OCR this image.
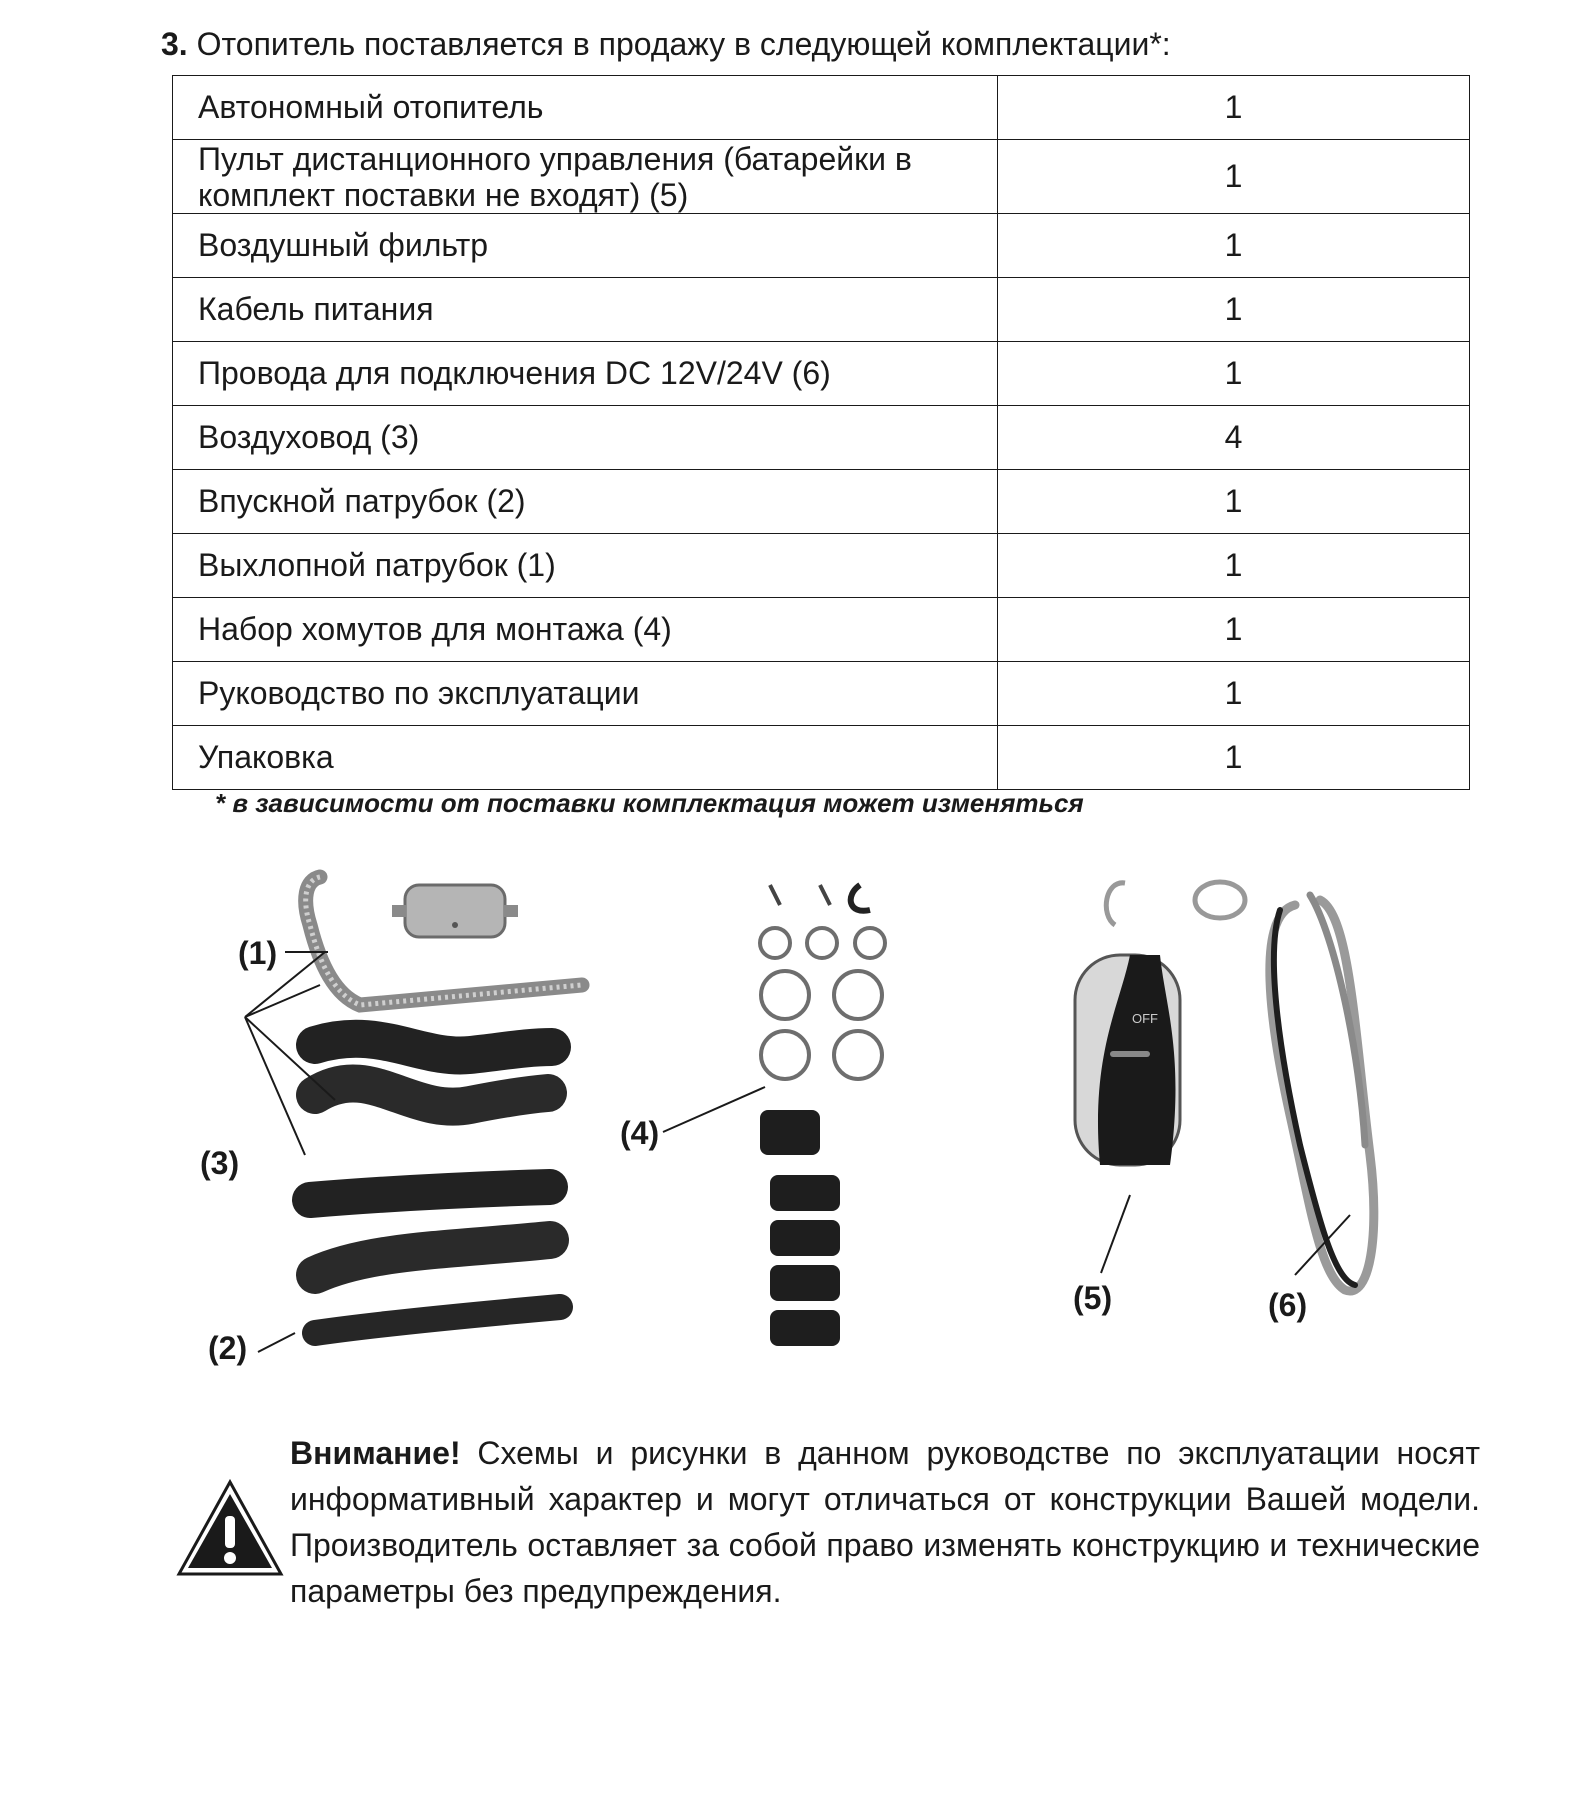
3. Отопитель поставляется в продажу в следующей комплектации*:
Автономный отопитель	1
Пульт дистанционного управления (батарейки в комплект поставки не входят) (5)	1
Воздушный фильтр	1
Кабель питания	1
Провода для подключения DC 12V/24V (6)	1
Воздуховод (3)	4
Впускной патрубок (2)	1
Выхлопной патрубок (1)	1
Набор хомутов для монтажа (4)	1
Руководство по эксплуатации	1
Упаковка	1

* в зависимости от поставки комплектация может изменяться

OFF

(1)

(2)

(3)

(4)

(5)	(6)

Внимание! Схемы и рисунки в данном руководстве по эксплуатации носят информативный характер и могут отличаться от конструкции Вашей модели. Производитель оставляет за собой право изменять конструкцию и технические параметры без предупреждения.
